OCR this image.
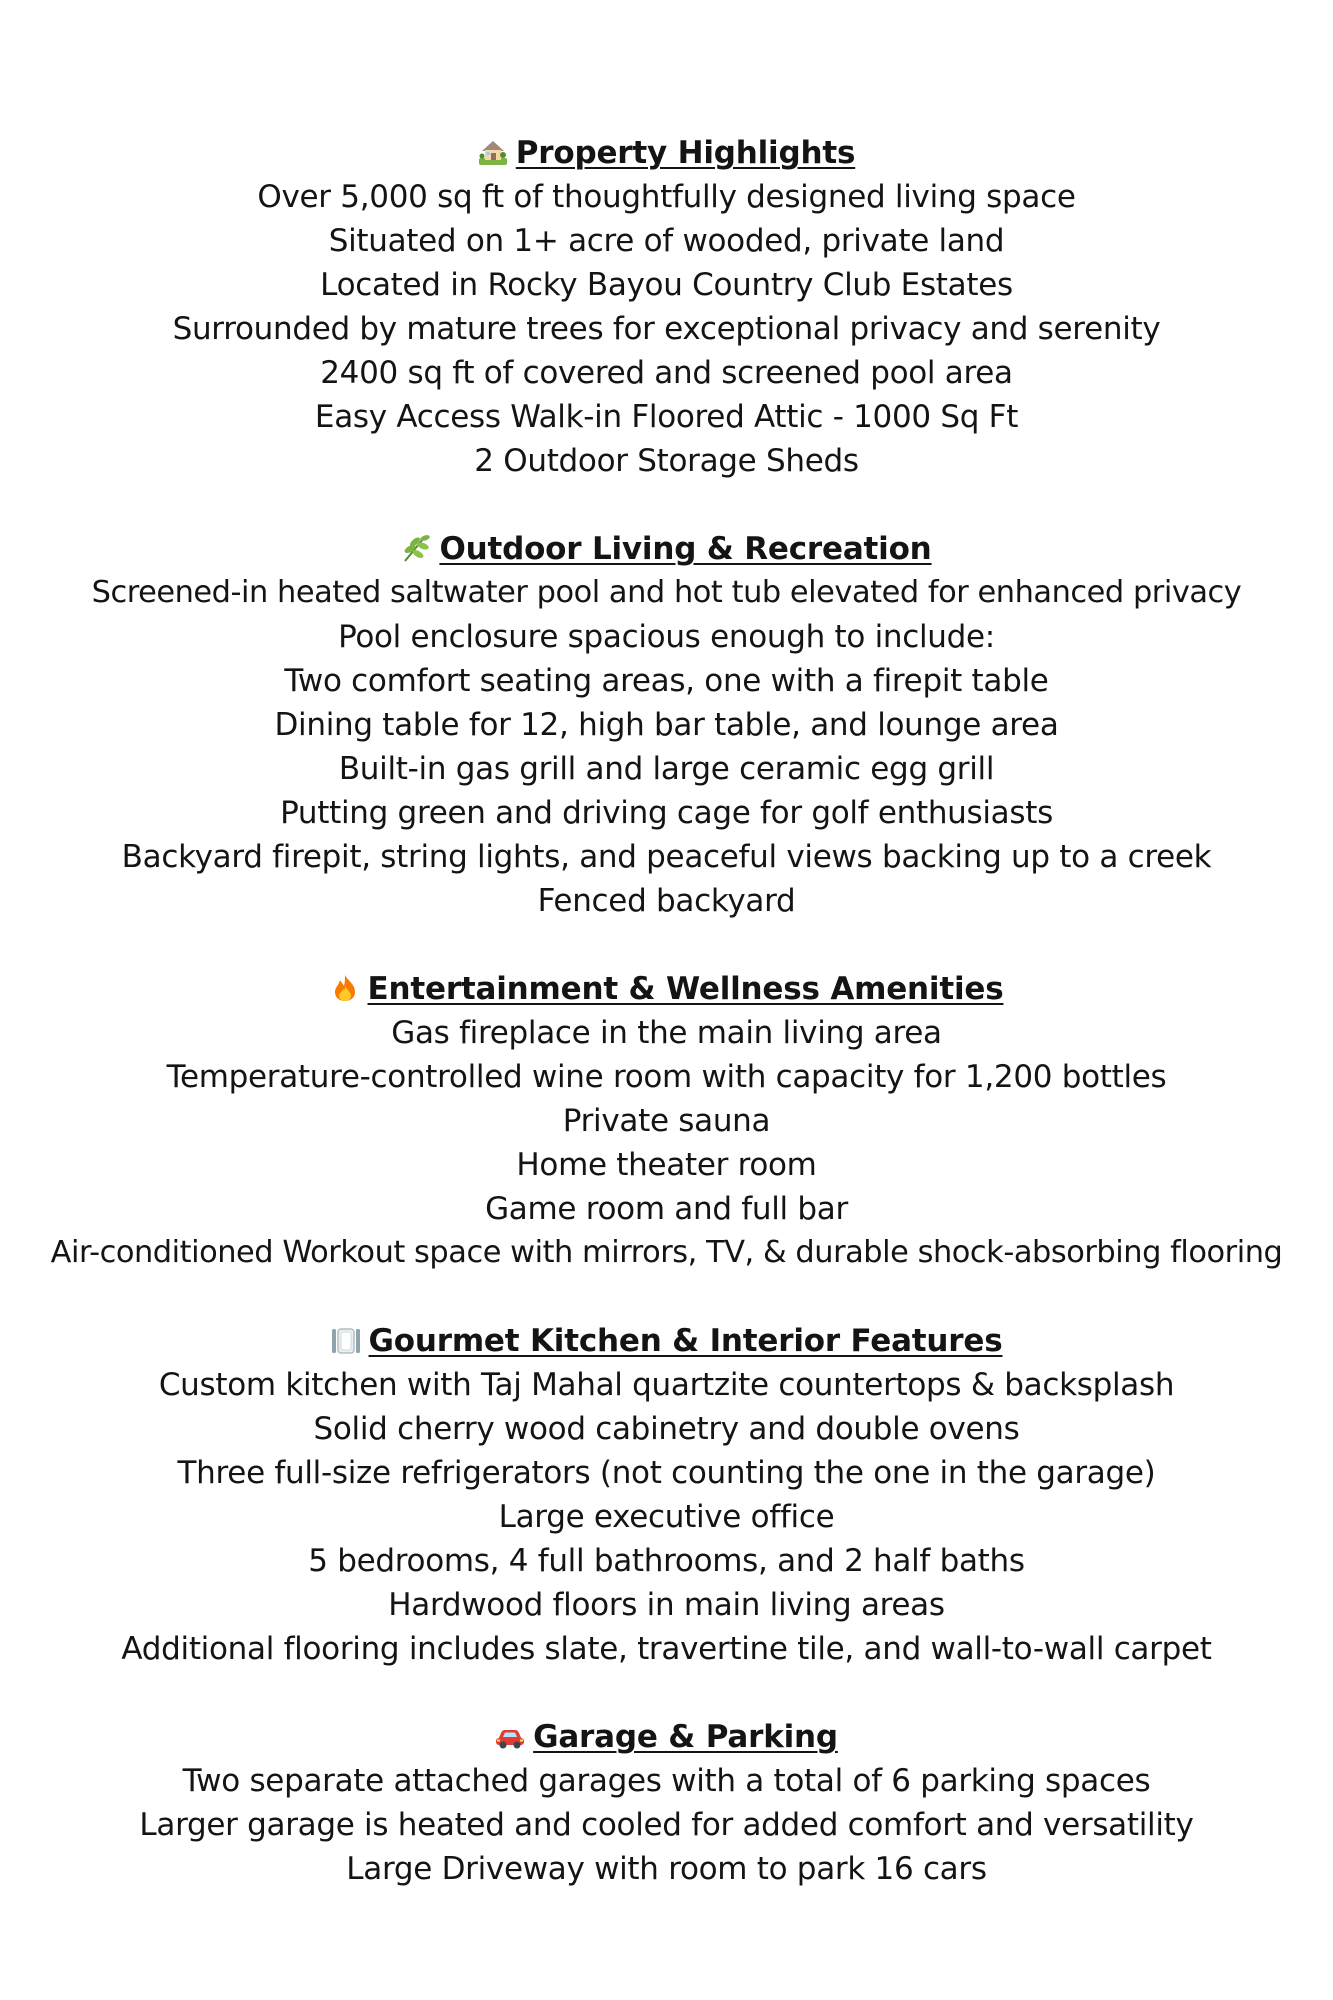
Property Highlights
Over 5,000 sq ft of thoughtfully designed living space
Situated on 1+ acre of wooded, private land
Located in Rocky Bayou Country Club Estates
Surrounded by mature trees for exceptional privacy and serenity
2400 sq ft of covered and screened pool area
Easy Access Walk-in Floored Attic - 1000 Sq Ft
2 Outdoor Storage Sheds
Outdoor Living & Recreation
Screened-in heated saltwater pool and hot tub elevated for enhanced privacy
Pool enclosure spacious enough to include:
Two comfort seating areas, one with a firepit table
Dining table for 12, high bar table, and lounge area
Built-in gas grill and large ceramic egg grill
Putting green and driving cage for golf enthusiasts
Backyard firepit, string lights, and peaceful views backing up to a creek
Fenced backyard
Entertainment & Wellness Amenities
Gas fireplace in the main living area
Temperature-controlled wine room with capacity for 1,200 bottles
Private sauna
Home theater room
Game room and full bar
Air-conditioned Workout space with mirrors, TV, & durable shock-absorbing flooring
Gourmet Kitchen & Interior Features
Custom kitchen with Taj Mahal quartzite countertops & backsplash
Solid cherry wood cabinetry and double ovens
Three full-size refrigerators (not counting the one in the garage)
Large executive office
5 bedrooms, 4 full bathrooms, and 2 half baths
Hardwood floors in main living areas
Additional flooring includes slate, travertine tile, and wall-to-wall carpet
Garage & Parking
Two separate attached garages with a total of 6 parking spaces
Larger garage is heated and cooled for added comfort and versatility
Large Driveway with room to park 16 cars
